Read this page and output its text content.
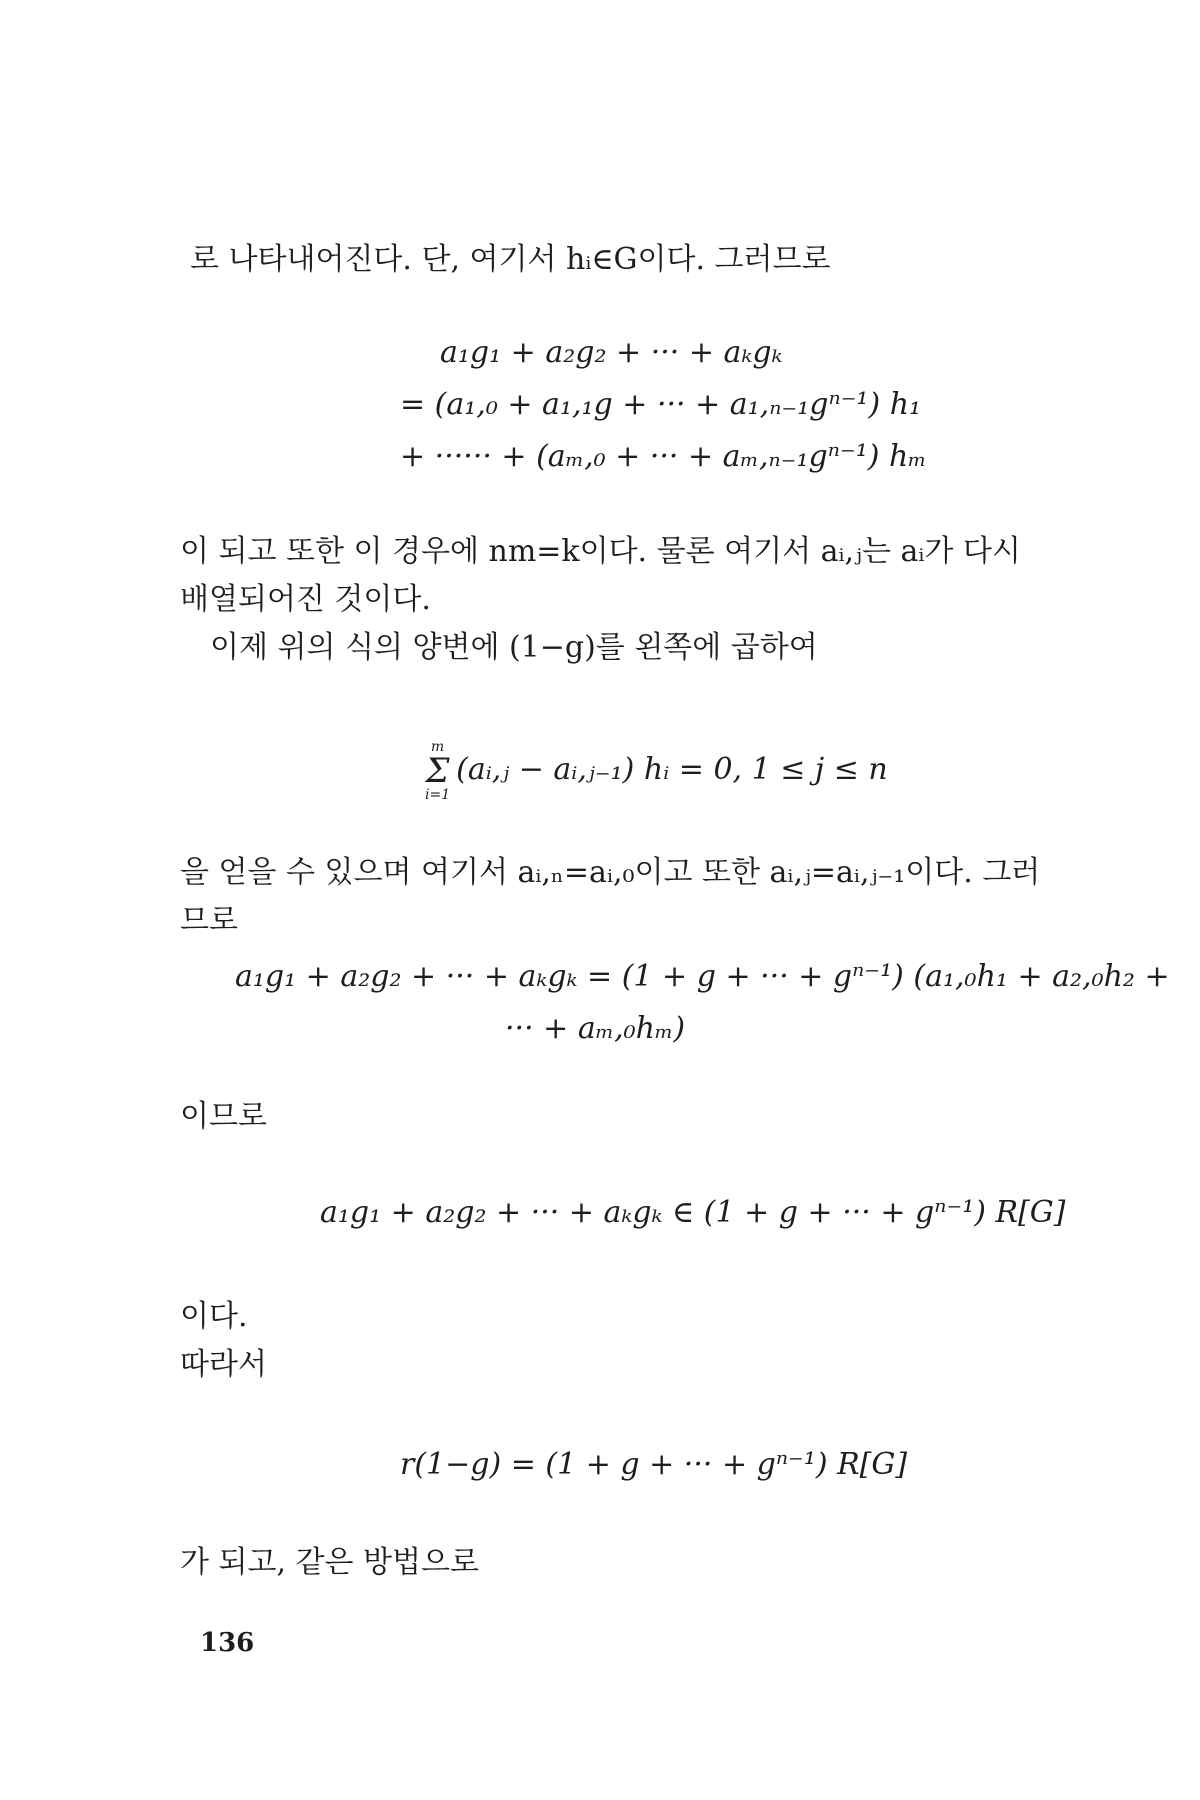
로 나타내어진다. 단, 여기서 hᵢ∈G이다. 그러므로
a₁g₁ + a₂g₂ + ··· + aₖgₖ
= (a₁,₀ + a₁,₁g + ··· + a₁,ₙ₋₁gⁿ⁻¹) h₁
+ ······ + (aₘ,₀ + ··· + aₘ,ₙ₋₁gⁿ⁻¹) hₘ
이 되고 또한 이 경우에 nm=k이다. 물론 여기서 aᵢ,ⱼ는 aᵢ가 다시
배열되어진 것이다.
이제 위의 식의 양변에 (1−g)를 왼쪽에 곱하여
m
Σ
i=1
(aᵢ,ⱼ − aᵢ,ⱼ₋₁) hᵢ = 0, 1 ≤ j ≤ n
을 얻을 수 있으며 여기서 aᵢ,ₙ=aᵢ,₀이고 또한 aᵢ,ⱼ=aᵢ,ⱼ₋₁이다. 그러
므로
a₁g₁ + a₂g₂ + ··· + aₖgₖ = (1 + g + ··· + gⁿ⁻¹) (a₁,₀h₁ + a₂,₀h₂ +
··· + aₘ,₀hₘ)
이므로
a₁g₁ + a₂g₂ + ··· + aₖgₖ ∈ (1 + g + ··· + gⁿ⁻¹) R[G]
이다.
따라서
r(1−g) = (1 + g + ··· + gⁿ⁻¹) R[G]
가 되고, 같은 방법으로
136
